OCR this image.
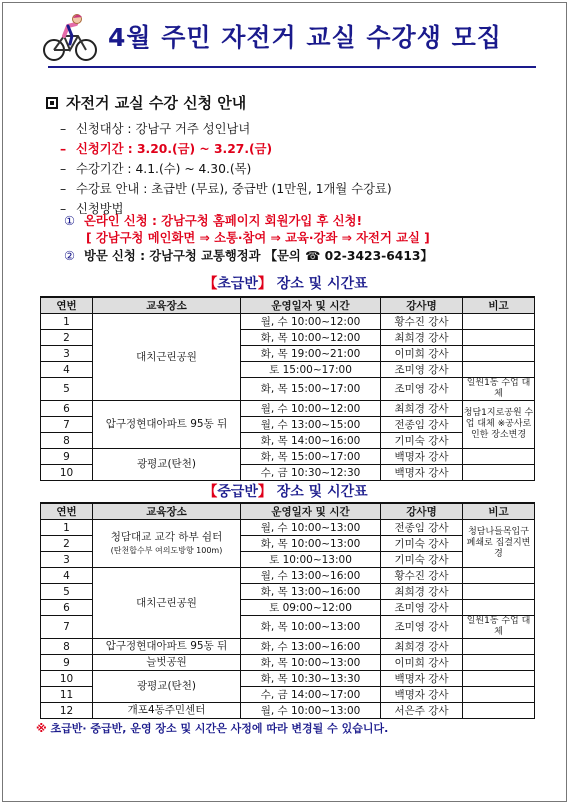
4월 주민 자전거 교실 수강생 모집
자전거 교실 수강 신청 안내
– 신청대상 : 강남구 거주 성인남녀
– 신청기간 : 3.20.(금) ~ 3.27.(금)
– 수강기간 : 4.1.(수) ~ 4.30.(목)
– 수강료 안내 : 초급반 (무료), 중급반 (1만원, 1개월 수강료)
– 신청방법
① 온라인 신청 : 강남구청 홈페이지 회원가입 후 신청!
[ 강남구청 메인화면 ⇒ 소통·참여 ⇒ 교육·강좌 ⇒ 자전거 교실 ]
② 방문 신청 : 강남구청 교통행정과 【문의 ☎ 02-3423-6413】
【초급반】 장소 및 시간표
연번	교육장소	운영일자 및 시간	강사명	비고
1	대치근린공원	월, 수 10:00~12:00	황수진 강사	
2		화, 목 10:00~12:00	최희경 강사	
3		화, 목 19:00~21:00	이미희 강사	
4		토 15:00~17:00	조미영 강사	
5		화, 목 15:00~17:00	조미영 강사	일원1동 수업 대체
6	압구정현대아파트 95동 뒤	월, 수 10:00~12:00	최희경 강사	청담1지로공원 수업 대체 ※공사로 인한 장소변경
7		월, 수 13:00~15:00	전종임 강사	
8		화, 목 14:00~16:00	기미숙 강사	
9	광평교(탄천)	화, 목 15:00~17:00	백명자 강사	
10		수, 금 10:30~12:30	백명자 강사	
【중급반】 장소 및 시간표
연번	교육장소	운영일자 및 시간	강사명	비고
1	청담대교 교각 하부 쉼터
(탄천합수부 여의도방향 100m)	월, 수 10:00~13:00	전종임 강사	청담나들목입구 폐쇄로 집결지변경
2		화, 목 10:00~13:00	기미숙 강사	
3		토 10:00~13:00	기미숙 강사	
4	대치근린공원	월, 수 13:00~16:00	황수진 강사	
5		화, 목 13:00~16:00	최희경 강사	
6		토 09:00~12:00	조미영 강사	
7		화, 목 10:00~13:00	조미영 강사	일원1동 수업 대체
8	압구정현대아파트 95동 뒤	화, 수 13:00~16:00	최희경 강사	
9	늘벗공원	화, 목 10:00~13:00	이미희 강사	
10	광평교(탄천)	화, 목 10:30~13:30	백명자 강사	
11		수, 금 14:00~17:00	백명자 강사	
12	개포4동주민센터	월, 수 10:00~13:00	서은주 강사	
※ 초급반· 중급반, 운영 장소 및 시간은 사정에 따라 변경될 수 있습니다.
